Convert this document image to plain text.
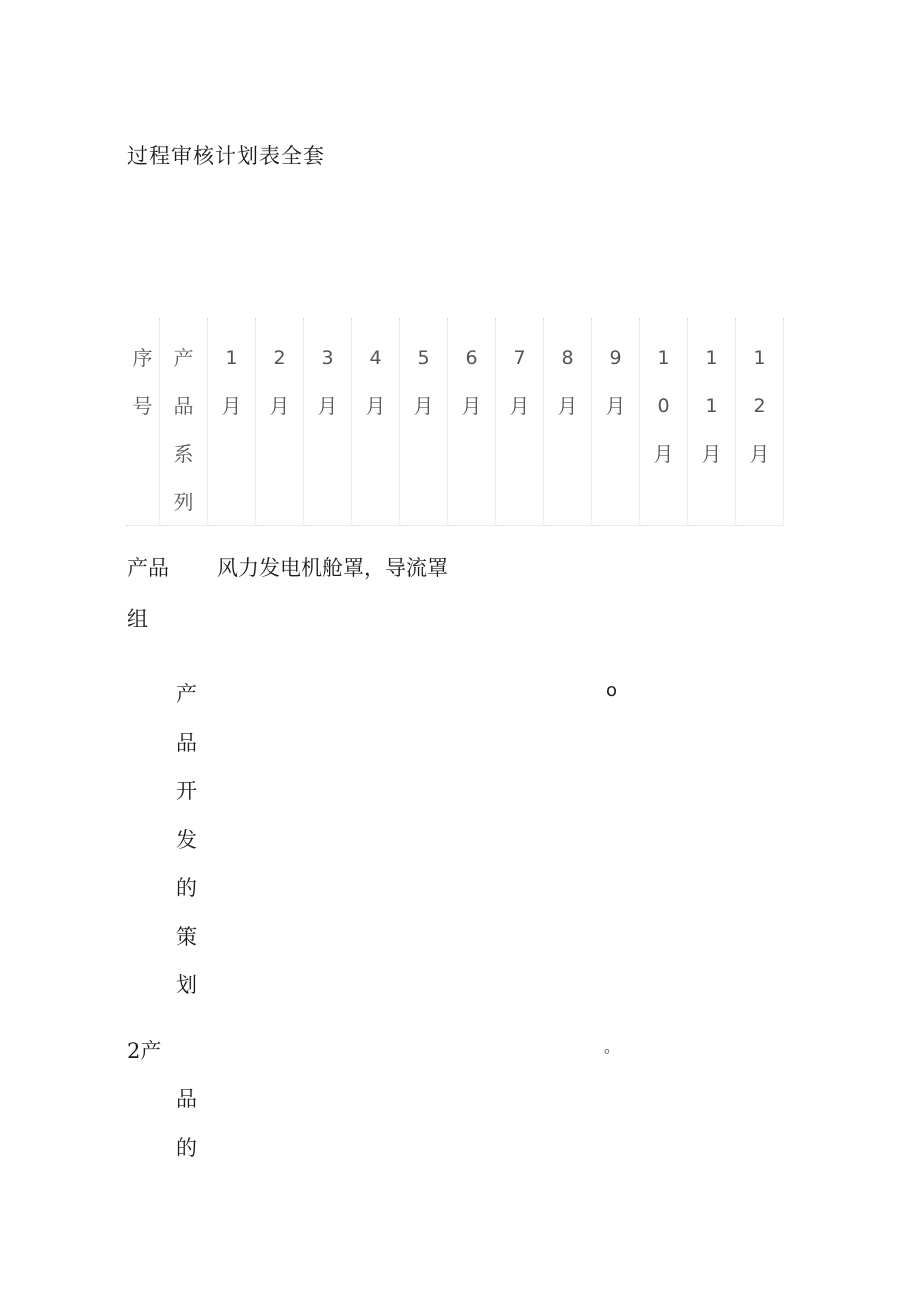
过程审核计划表全套
序
号
产
品
系
列
1
月
2
月
3
月
4
月
5
月
6
月
7
月
8
月
9
月
1
0
月
1
1
月
1
2
月
产品
组
风力发电机舱罩，导流罩
产
品
开
发
的
策
划
o
2产
品
的
。
